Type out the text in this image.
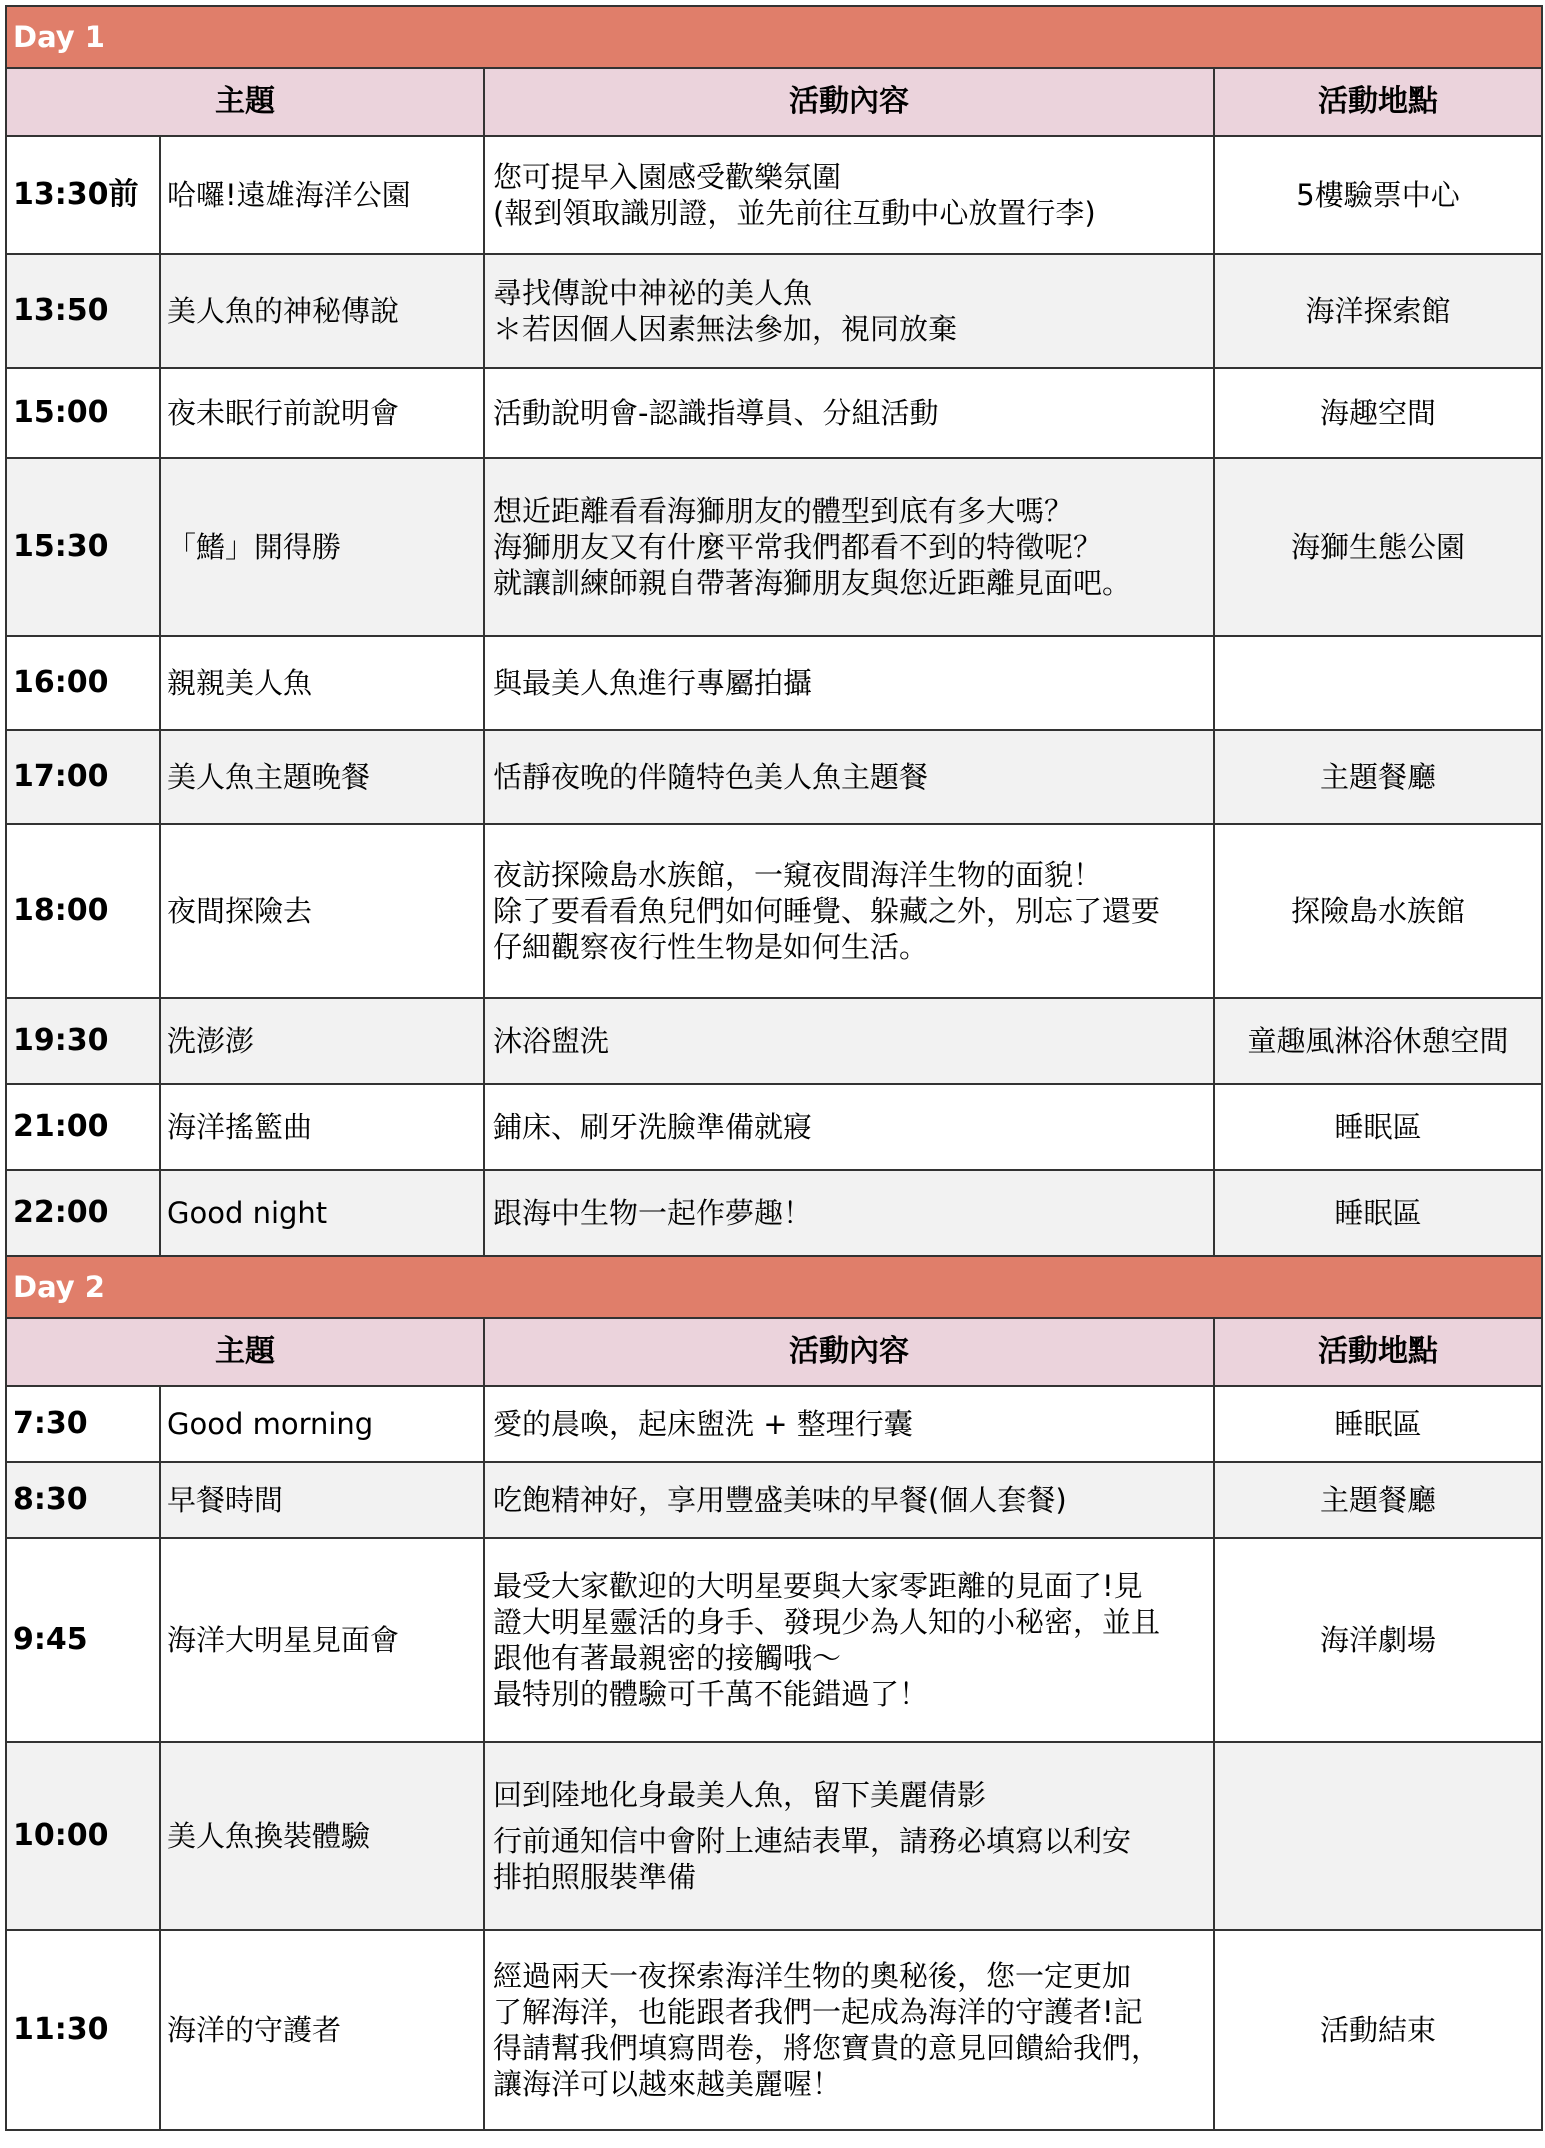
Day 1			
主題		活動內容	活動地點
13:30前	哈囉!遠雄海洋公園	您可提早入園感受歡樂氛圍
(報到領取識別證，並先前往互動中心放置行李)	5樓驗票中心
13:50	美人魚的神秘傳說	尋找傳說中神祕的美人魚
＊若因個人因素無法參加，視同放棄	海洋探索館
15:00	夜未眠行前說明會	活動說明會-認識指導員、分組活動	海趣空間
15:30	「鰭」開得勝	想近距離看看海獅朋友的體型到底有多大嗎？
海獅朋友又有什麼平常我們都看不到的特徵呢？
就讓訓練師親自帶著海獅朋友與您近距離見面吧。	海獅生態公園
16:00	親親美人魚	與最美人魚進行專屬拍攝	

17:00	美人魚主題晚餐	恬靜夜晚的伴隨特色美人魚主題餐	主題餐廳
18:00	夜間探險去	夜訪探險島水族館，一窺夜間海洋生物的面貌！
除了要看看魚兒們如何睡覺、躲藏之外，別忘了還要
仔細觀察夜行性生物是如何生活。	探險島水族館
19:30	洗澎澎	沐浴盥洗	童趣風淋浴休憩空間
21:00	海洋搖籃曲	鋪床、刷牙洗臉準備就寢	睡眠區
22:00	Good night	跟海中生物一起作夢趣！	睡眠區
Day 2			
主題		活動內容	活動地點
7:30	Good morning	愛的晨喚，起床盥洗 + 整理行囊	睡眠區
8:30	早餐時間	吃飽精神好，享用豐盛美味的早餐(個人套餐)	主題餐廳
9:45	海洋大明星見面會	最受大家歡迎的大明星要與大家零距離的見面了!見
證大明星靈活的身手、發現少為人知的小秘密，並且
跟他有著最親密的接觸哦～
最特別的體驗可千萬不能錯過了！	海洋劇場
10:00	美人魚換裝體驗	回到陸地化身最美人魚，留下美麗倩影
行前通知信中會附上連結表單，請務必填寫以利安
排拍照服裝準備	

11:30	海洋的守護者	經過兩天一夜探索海洋生物的奧秘後，您一定更加
了解海洋，也能跟者我們一起成為海洋的守護者!記
得請幫我們填寫問卷，將您寶貴的意見回饋給我們，
讓海洋可以越來越美麗喔！	活動結束
